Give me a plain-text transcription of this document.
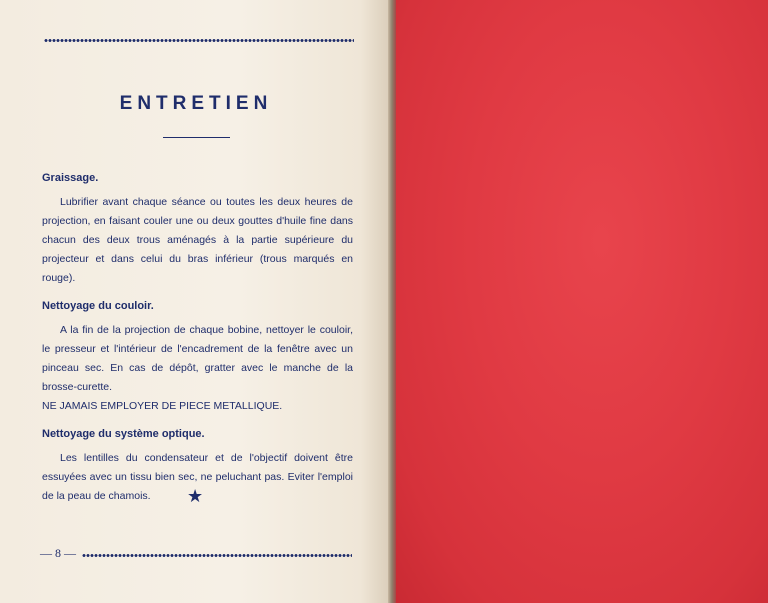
ENTRETIEN

Graissage.

Lubrifier avant chaque séance ou toutes les deux heures de projection, en faisant couler une ou deux gouttes d'huile fine dans chacun des deux trous aménagés à la partie supérieure du projecteur et dans celui du bras inférieur (trous marqués en rouge).

Nettoyage du couloir.

A la fin de la projection de chaque bobine, nettoyer le couloir, le presseur et l'intérieur de l'encadrement de la fenêtre avec un pinceau sec. En cas de dépôt, gratter avec le manche de la brosse-curette.

NE JAMAIS EMPLOYER DE PIECE METALLIQUE.

Nettoyage du système optique.

Les lentilles du condensateur et de l'objectif doivent être essuyées avec un tissu bien sec, ne peluchant pas. Eviter l'emploi de la peau de chamois.	★
— 8 —
